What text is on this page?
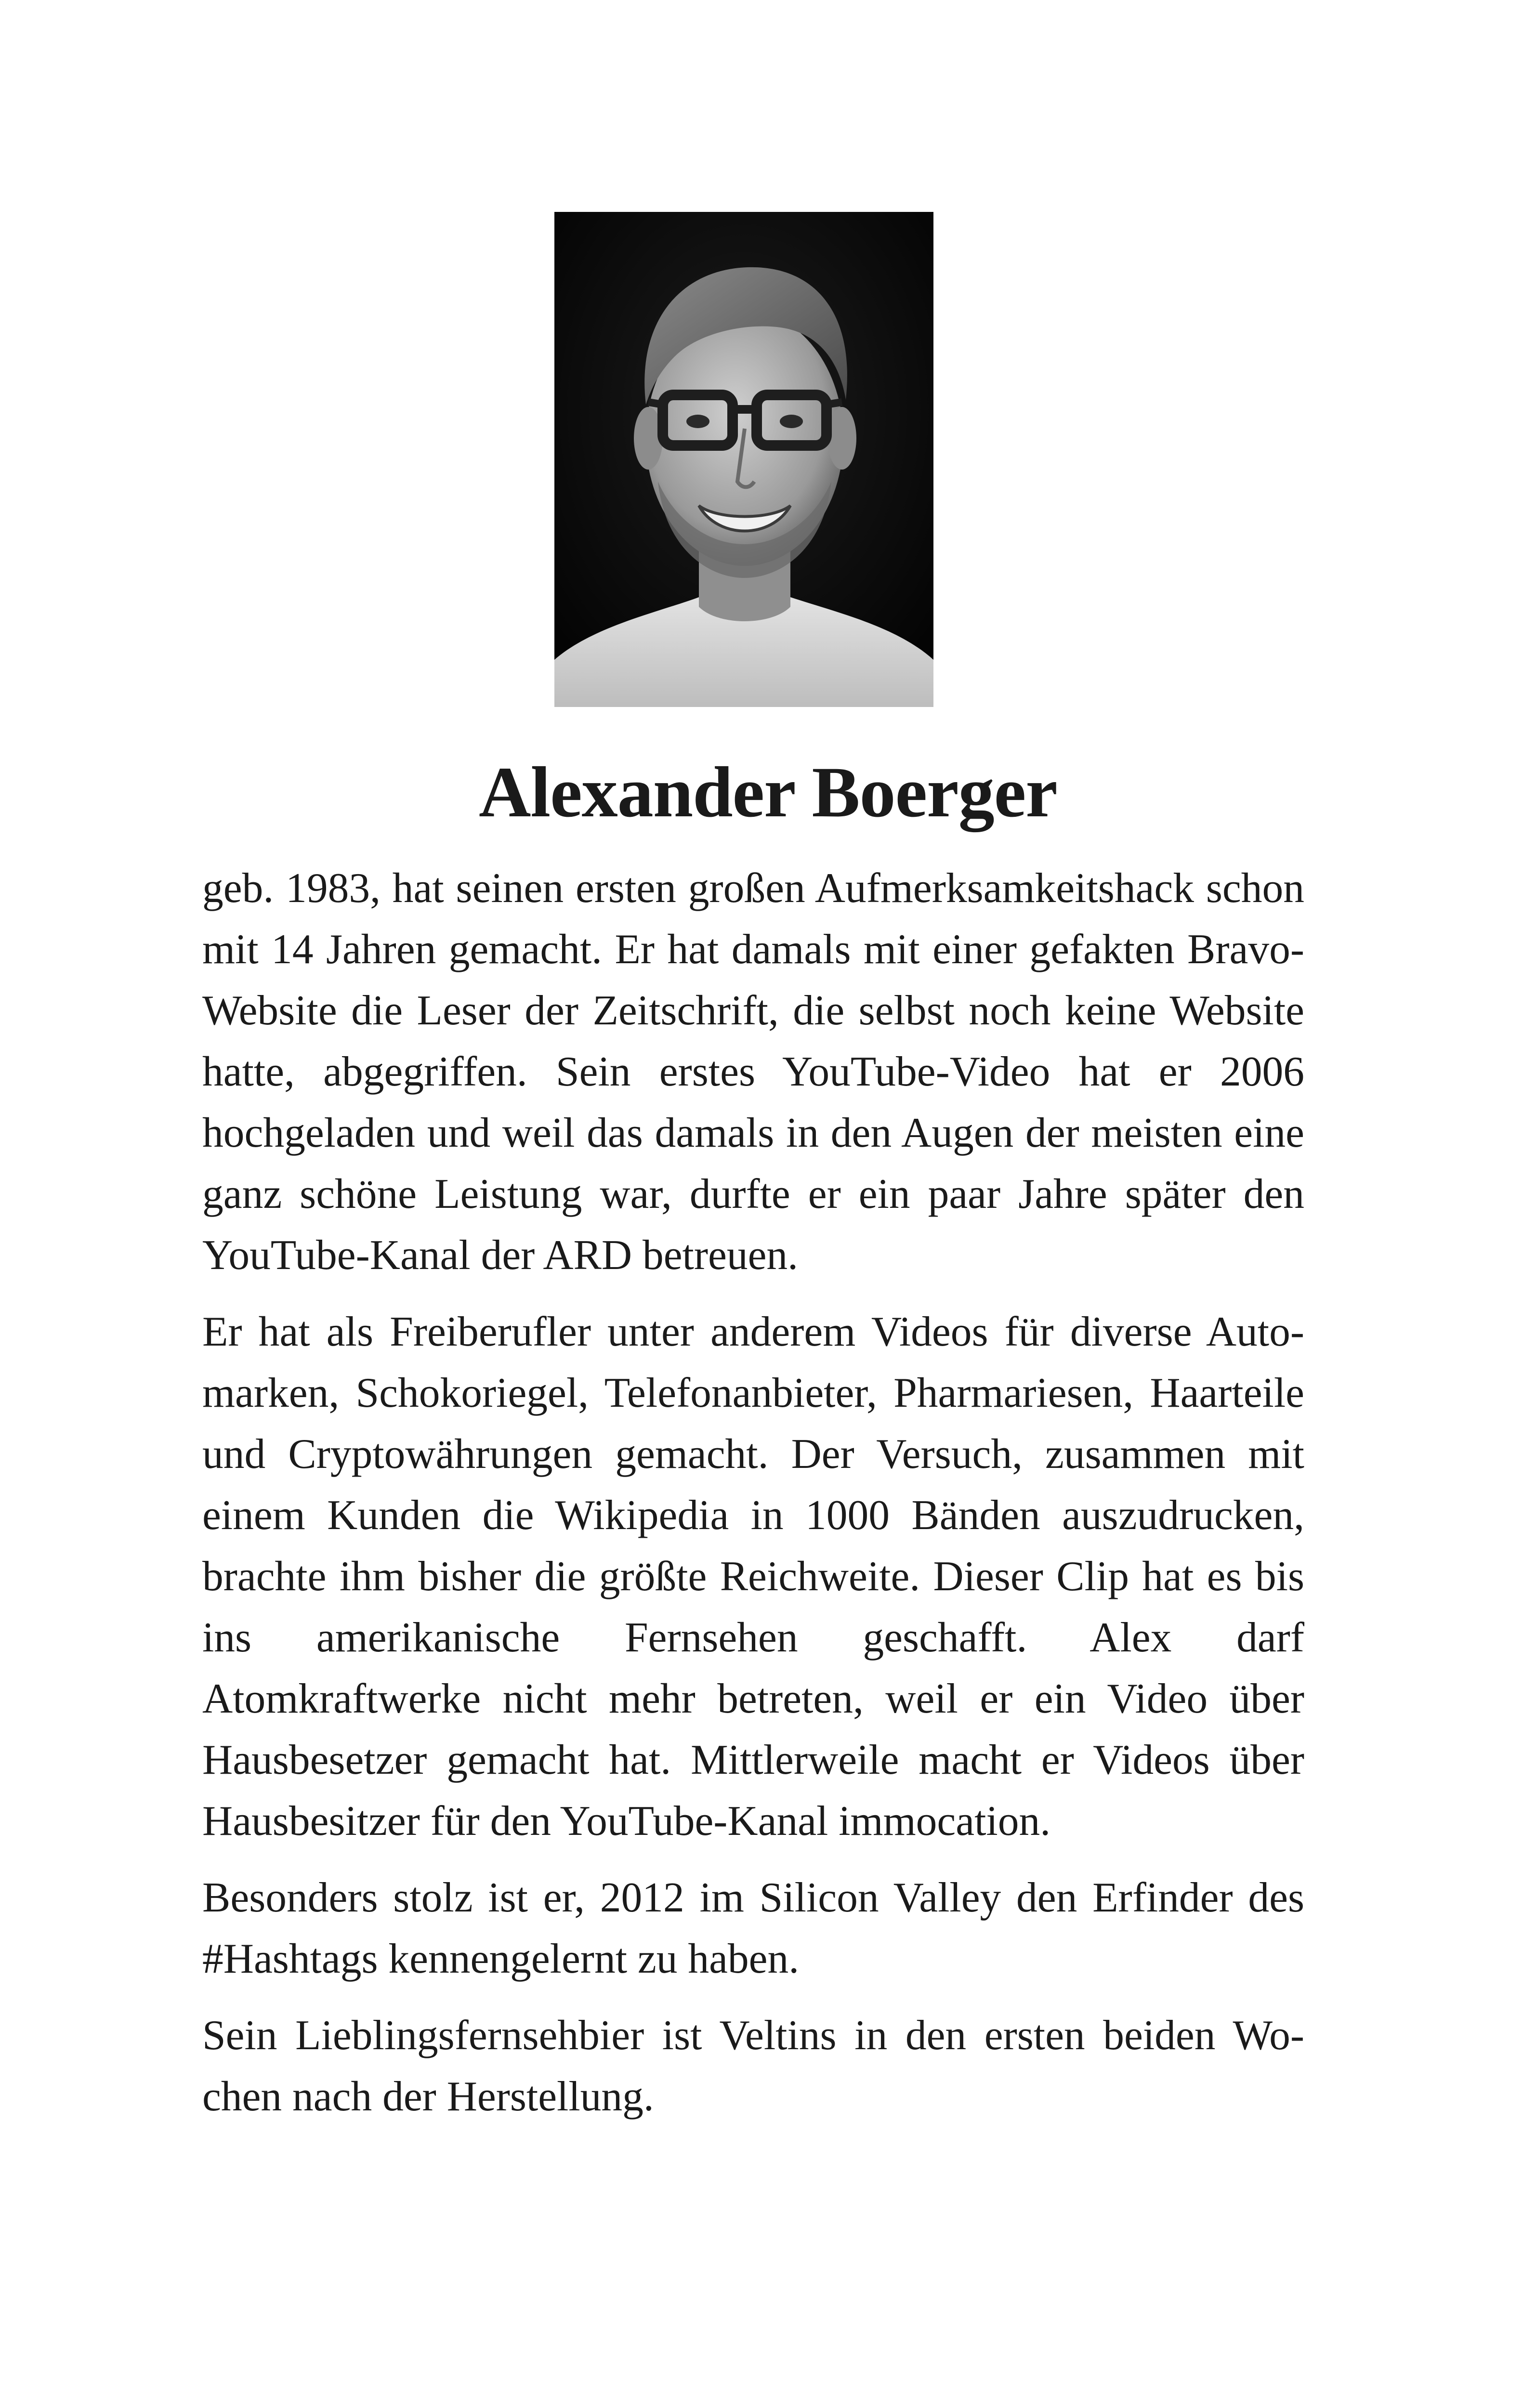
Alexander Boerger

geb. 1983, hat seinen ersten großen Aufmerksamkeitshack schon mit 14 Jahren gemacht. Er hat damals mit einer gefakten Bravo-Website die Leser der Zeitschrift, die selbst noch keine Website hatte, abgegriffen. Sein erstes YouTube-Video hat er 2006 hochgeladen und weil das damals in den Augen der meisten eine ganz schöne Leistung war, durfte er ein paar Jahre später den YouTube-Kanal der ARD betreuen.

Er hat als Freiberufler unter anderem Videos für diverse Automarken, Schokoriegel, Telefonanbieter, Pharmariesen, Haarteile und Cryptowährungen gemacht. Der Versuch, zusammen mit einem Kunden die Wikipedia in 1000 Bänden auszudrucken, brachte ihm bisher die größte Reichweite. Dieser Clip hat es bis ins amerikanische Fernsehen geschafft. Alex darf Atomkraftwerke nicht mehr betreten, weil er ein Video über Hausbesetzer gemacht hat. Mittlerweile macht er Videos über Hausbesitzer für den YouTube-Kanal immocation.

Besonders stolz ist er, 2012 im Silicon Valley den Erfinder des #Hashtags kennengelernt zu haben.

Sein Lieblingsfernsehbier ist Veltins in den ersten beiden Wochen nach der Herstellung.
